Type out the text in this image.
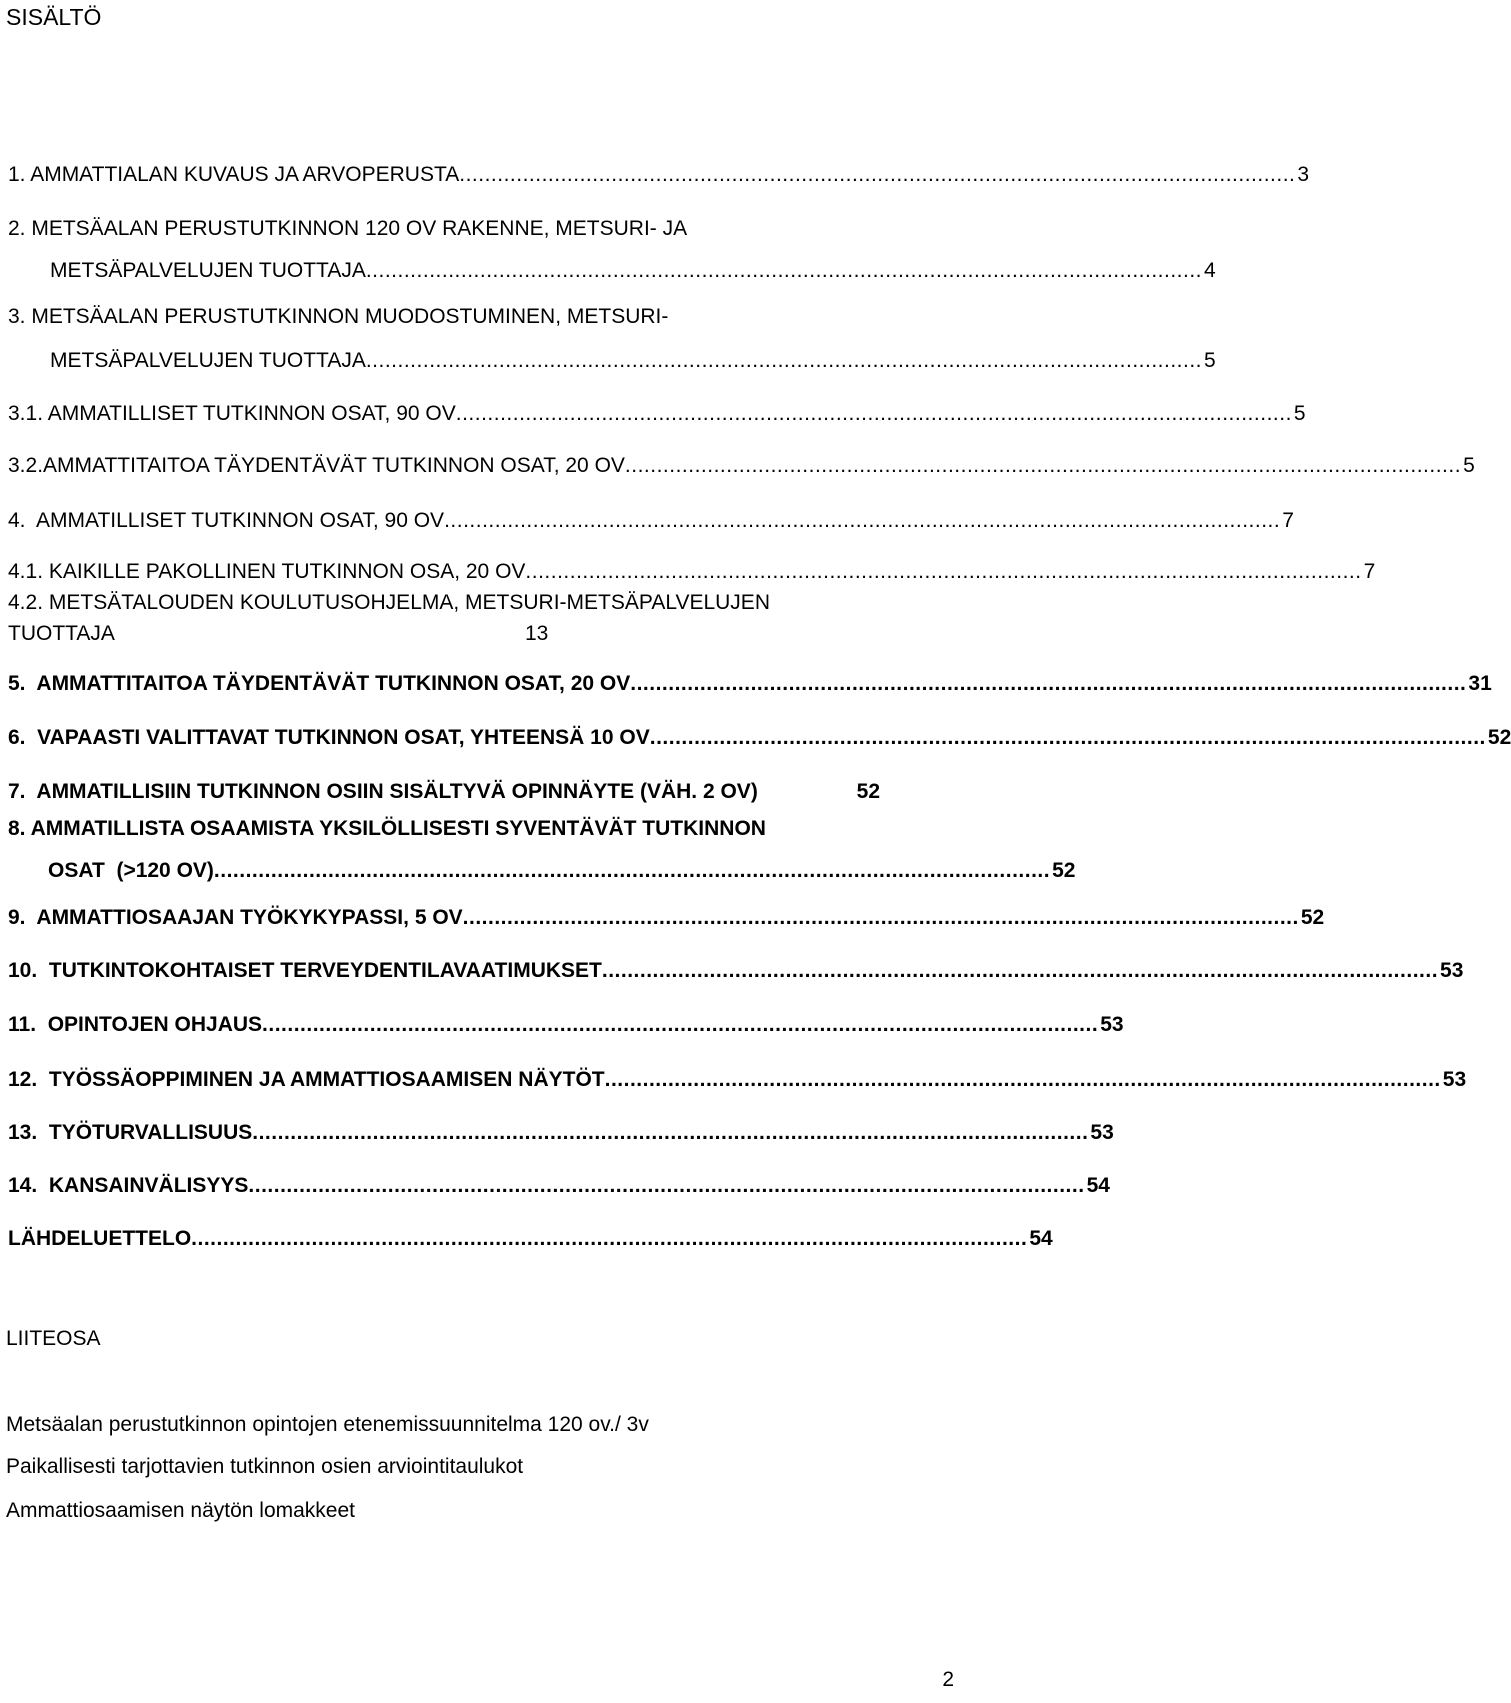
SISÄLTÖ
1. AMMATTIALAN KUVAUS JA ARVOPERUSTA .................................................................................................................................... 3
2. METSÄALAN PERUSTUTKINNON 120 OV RAKENNE, METSURI- JA
METSÄPALVELUJEN TUOTTAJA .................................................................................................................................... 4
3. METSÄALAN PERUSTUTKINNON MUODOSTUMINEN, METSURI-
METSÄPALVELUJEN TUOTTAJA .................................................................................................................................... 5
3.1. AMMATILLISET TUTKINNON OSAT, 90 OV .................................................................................................................................... 5
3.2.AMMATTITAITOA TÄYDENTÄVÄT TUTKINNON OSAT, 20 OV .................................................................................................................................... 5
4.  AMMATILLISET TUTKINNON OSAT, 90 OV .................................................................................................................................... 7
4.1. KAIKILLE PAKOLLINEN TUTKINNON OSA, 20 OV .................................................................................................................................... 7
4.2. METSÄTALOUDEN KOULUTUSOHJELMA, METSURI-METSÄPALVELUJEN
TUOTTAJA	13
5.  AMMATTITAITOA TÄYDENTÄVÄT TUTKINNON OSAT, 20 OV .................................................................................................................................... 31
6.  VAPAASTI VALITTAVAT TUTKINNON OSAT, YHTEENSÄ 10 OV .................................................................................................................................... 52
7.  AMMATILLISIIN TUTKINNON OSIIN SISÄLTYVÄ OPINNÄYTE (VÄH. 2 OV)	52
8. AMMATILLISTA OSAAMISTA YKSILÖLLISESTI SYVENTÄVÄT TUTKINNON
OSAT  (>120 OV) .................................................................................................................................... 52
9.  AMMATTIOSAAJAN TYÖKYKYPASSI, 5 OV .................................................................................................................................... 52
10.  TUTKINTOKOHTAISET TERVEYDENTILAVAATIMUKSET .................................................................................................................................... 53
11.  OPINTOJEN OHJAUS .................................................................................................................................... 53
12.  TYÖSSÄOPPIMINEN JA AMMATTIOSAAMISEN NÄYTÖT .................................................................................................................................... 53
13.  TYÖTURVALLISUUS .................................................................................................................................... 53
14.  KANSAINVÄLISYYS .................................................................................................................................... 54
LÄHDELUETTELO .................................................................................................................................... 54
LIITEOSA
Metsäalan perustutkinnon opintojen etenemissuunnitelma 120 ov./ 3v
Paikallisesti tarjottavien tutkinnon osien arviointitaulukot
Ammattiosaamisen näytön lomakkeet
2
